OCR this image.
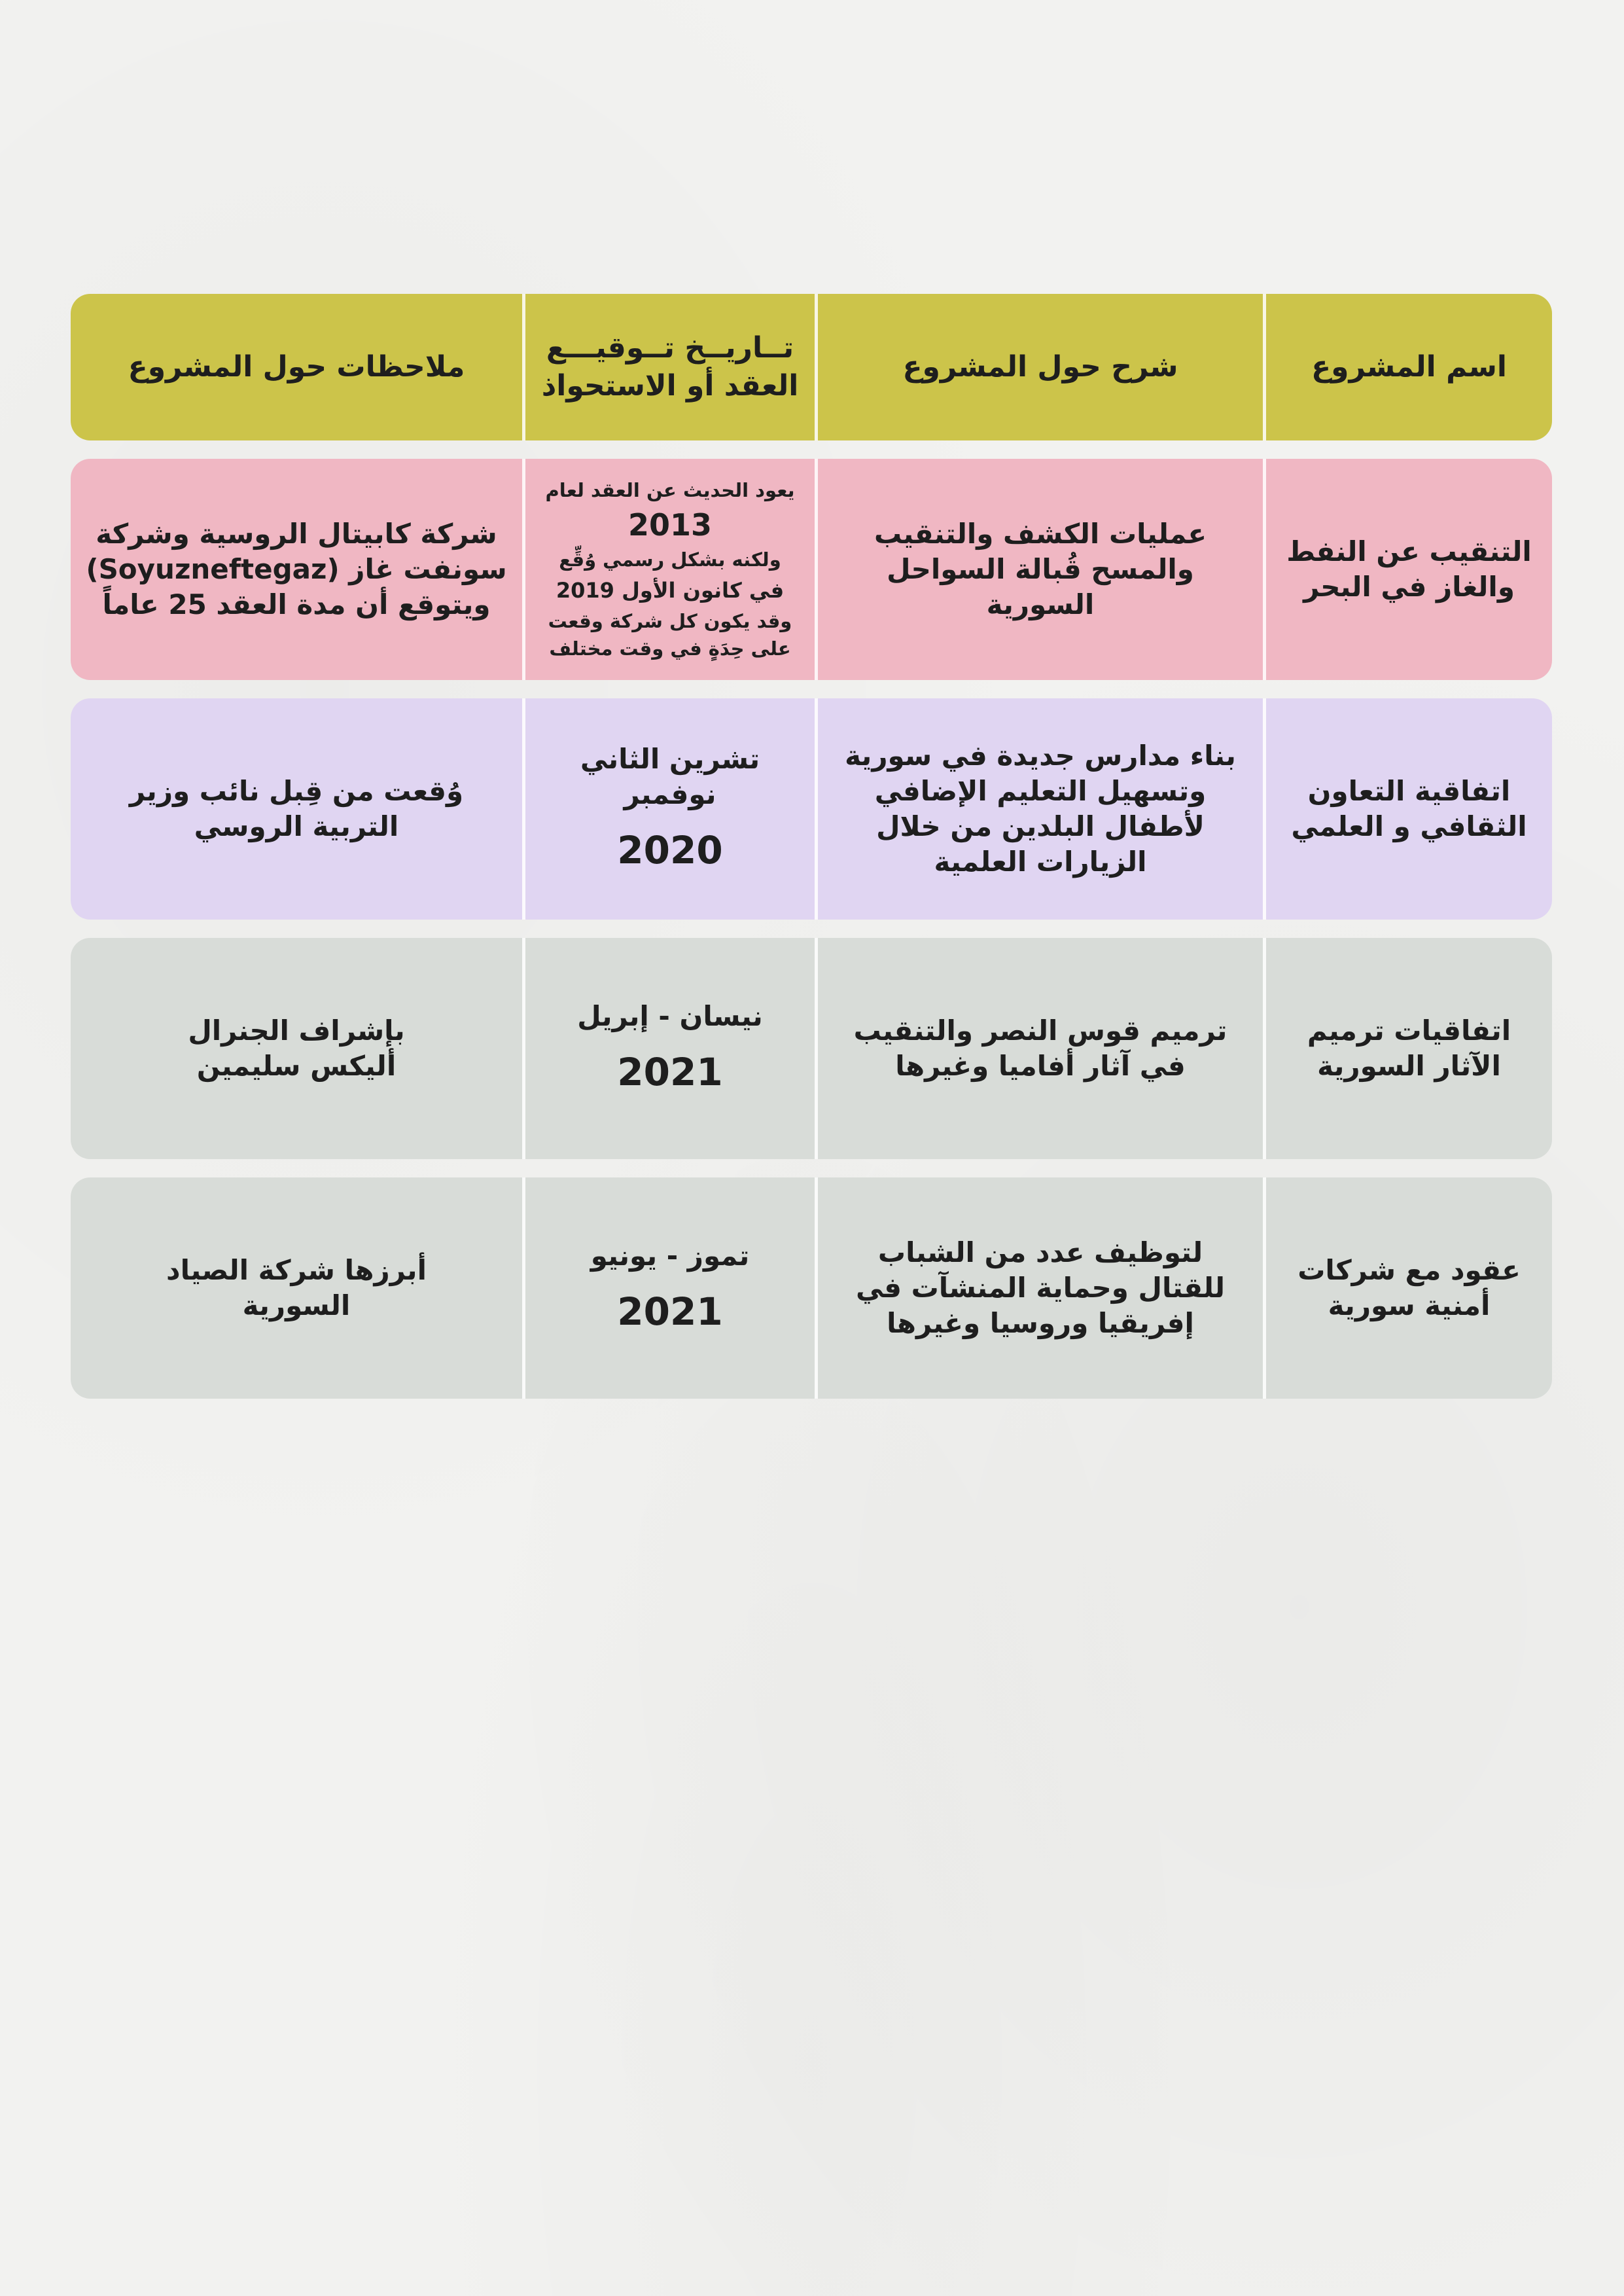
اسم المشروع
شرح حول المشروع
تــاريــخ تــوقيـــع
العقد أو الاستحواذ
ملاحظات حول المشروع
التنقيب عن النفط
والغاز في البحر
عمليات الكشف والتنقيب
والمسح قُبالة السواحل
السورية
يعود الحديث عن العقد لعام
2013
ولكنه بشكل رسمي وُقِّع
في كانون الأول 2019
وقد يكون كل شركة وقعت
على حِدَةٍ في وقت مختلف
شركة كابيتال الروسية وشركة
سونفت غاز (Soyuzneftegaz)
ويتوقع أن مدة العقد 25 عاماً
اتفاقية التعاون
الثقافي و العلمي
بناء مدارس جديدة في سورية
وتسهيل التعليم الإضافي
لأطفال البلدين من خلال
الزيارات العلمية
تشرين الثاني
نوفمبر
2020
وُقعت من قِبل نائب وزير
التربية الروسي
اتفاقيات ترميم
الآثار السورية
ترميم قوس النصر والتنقيب
في آثار أفاميا وغيرها
نيسان - إبريل
2021
بإشراف الجنرال
أليكس سليمين
عقود مع شركات
أمنية سورية
لتوظيف عدد من الشباب
للقتال وحماية المنشآت في
إفريقيا وروسيا وغيرها
تموز - يونيو
2021
أبرزها شركة الصياد
السورية
